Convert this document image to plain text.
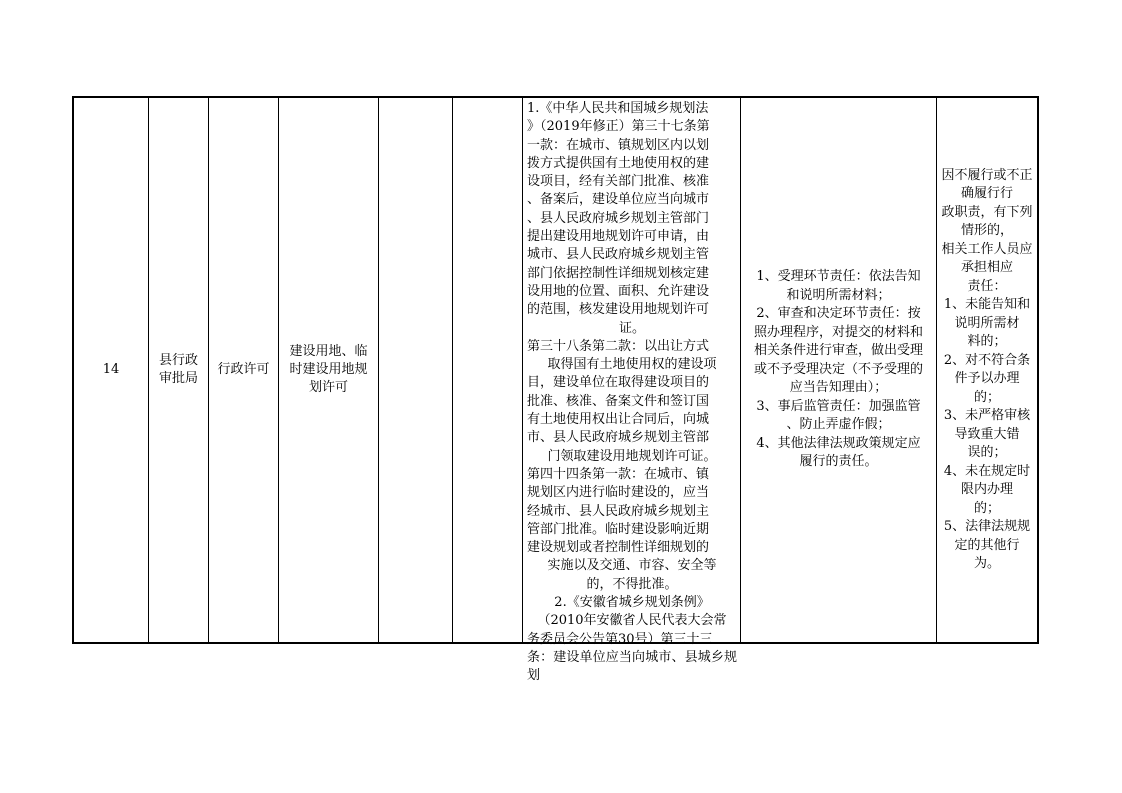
14
县行政
审批局
行政许可
建设用地、临
时建设用地规
划许可

1.《中华人民共和国城乡规划法

》（2019年修正）第三十七条第

一款：在城市、镇规划区内以划

拨方式提供国有土地使用权的建

设项目，经有关部门批准、核准

、备案后，建设单位应当向城市

、县人民政府城乡规划主管部门

提出建设用地规划许可申请，由

城市、县人民政府城乡规划主管

部门依据控制性详细规划核定建

设用地的位置、面积、允许建设

的范围，核发建设用地规划许可

证。

第三十八条第二款：以出让方式

取得国有土地使用权的建设项

目，建设单位在取得建设项目的

批准、核准、备案文件和签订国

有土地使用权出让合同后，向城

市、县人民政府城乡规划主管部

门领取建设用地规划许可证。

第四十四条第一款：在城市、镇

规划区内进行临时建设的，应当

经城市、县人民政府城乡规划主

管部门批准。临时建设影响近期

建设规划或者控制性详细规划的

实施以及交通、市容、安全等

的，不得批准。

2.《安徽省城乡规划条例》

（2010年安徽省人民代表大会常

务委员会公告第30号）第三十三

条：建设单位应当向城市、县城乡规划

1、受理环节责任：依法告知

和说明所需材料；

2、审查和决定环节责任：按

照办理程序，对提交的材料和

相关条件进行审查，做出受理

或不予受理决定（不予受理的

应当告知理由）；

3、事后监管责任：加强监管

、防止弄虚作假；

4、其他法律法规政策规定应

履行的责任。

因不履行或不正确履行行

政职责，有下列情形的，

相关工作人员应承担相应

责任：

1、未能告知和说明所需材

料的；

2、对不符合条件予以办理

的；

3、未严格审核导致重大错

误的；

4、未在规定时限内办理

的；

5、法律法规规定的其他行

为。
